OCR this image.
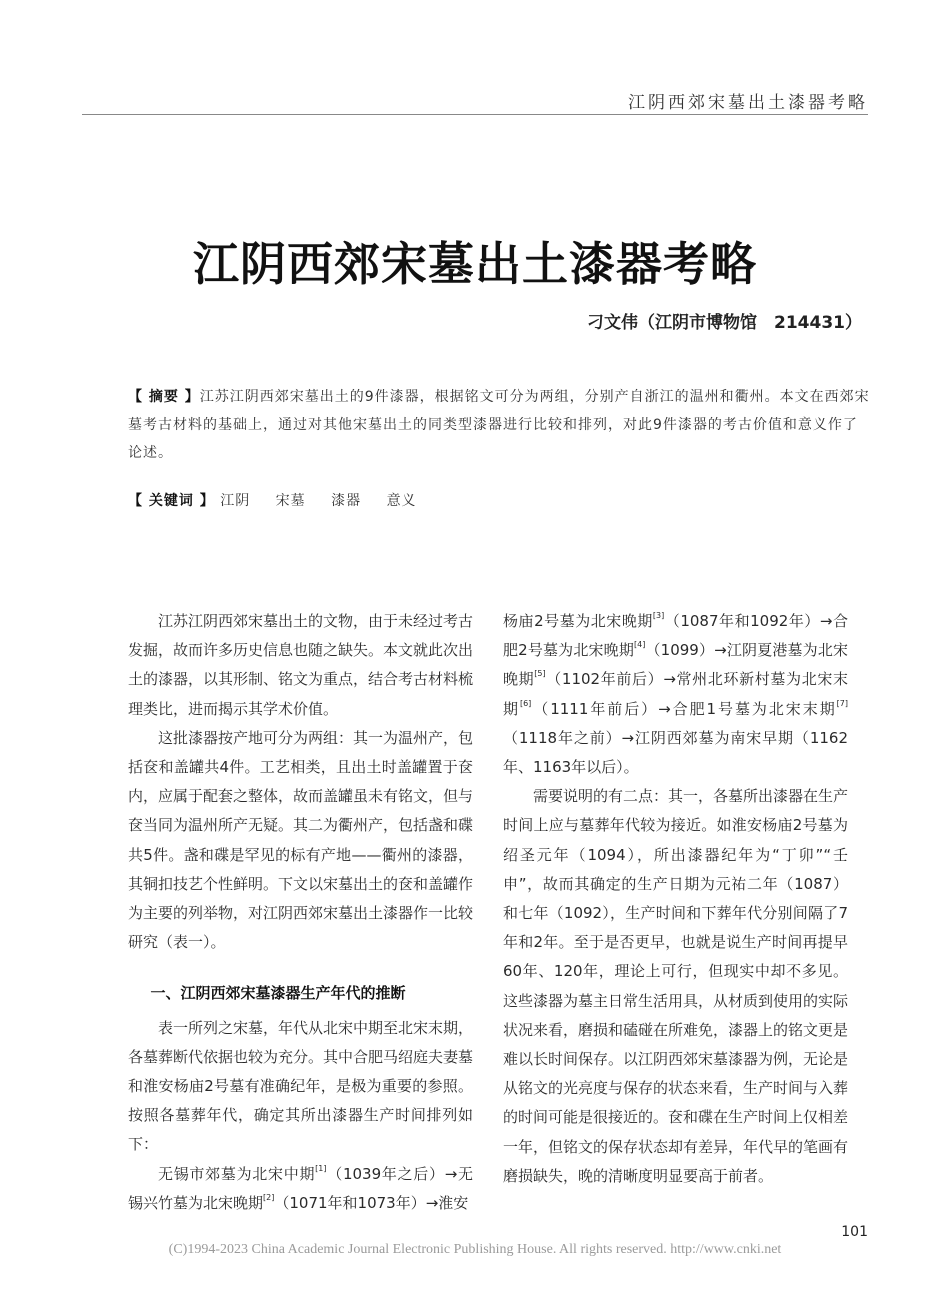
江阴西郊宋墓出土漆器考略
江阴西郊宋墓出土漆器考略
刁文伟（江阴市博物馆　214431）
【 摘要 】江苏江阴西郊宋墓出土的9件漆器，根据铭文可分为两组，分别产自浙江的温州和衢州。本文在西郊宋墓考古材料的基础上，通过对其他宋墓出土的同类型漆器进行比较和排列，对此9件漆器的考古价值和意义作了论述。
【 关键词 】 江阴 宋墓 漆器 意义

江苏江阴西郊宋墓出土的文物，由于未经过考古发掘，故而许多历史信息也随之缺失。本文就此次出土的漆器，以其形制、铭文为重点，结合考古材料梳理类比，进而揭示其学术价值。

这批漆器按产地可分为两组：其一为温州产，包括奁和盖罐共4件。工艺相类，且出土时盖罐置于奁内，应属于配套之整体，故而盖罐虽未有铭文，但与奁当同为温州所产无疑。其二为衢州产，包括盏和碟共5件。盏和碟是罕见的标有产地——衢州的漆器，其铜扣技艺个性鲜明。下文以宋墓出土的奁和盖罐作为主要的列举物，对江阴西郊宋墓出土漆器作一比较研究（表一）。

一、江阴西郊宋墓漆器生产年代的推断

表一所列之宋墓，年代从北宋中期至北宋末期，各墓葬断代依据也较为充分。其中合肥马绍庭夫妻墓和淮安杨庙2号墓有准确纪年，是极为重要的参照。按照各墓葬年代，确定其所出漆器生产时间排列如下：

无锡市郊墓为北宋中期[1]（1039年之后）→无锡兴竹墓为北宋晚期[2]（1071年和1073年）→淮安

杨庙2号墓为北宋晚期[3]（1087年和1092年）→合肥2号墓为北宋晚期[4]（1099）→江阴夏港墓为北宋晚期[5]（1102年前后）→常州北环新村墓为北宋末期[6]（1111年前后）→合肥1号墓为北宋末期[7]（1118年之前）→江阴西郊墓为南宋早期（1162年、1163年以后）。

需要说明的有二点：其一，各墓所出漆器在生产时间上应与墓葬年代较为接近。如淮安杨庙2号墓为绍圣元年（1094），所出漆器纪年为“丁卯”“壬申”，故而其确定的生产日期为元祐二年（1087）和七年（1092），生产时间和下葬年代分别间隔了7年和2年。至于是否更早，也就是说生产时间再提早60年、120年，理论上可行，但现实中却不多见。这些漆器为墓主日常生活用具，从材质到使用的实际状况来看，磨损和磕碰在所难免，漆器上的铭文更是难以长时间保存。以江阴西郊宋墓漆器为例，无论是从铭文的光亮度与保存的状态来看，生产时间与入葬的时间可能是很接近的。奁和碟在生产时间上仅相差一年，但铭文的保存状态却有差异，年代早的笔画有磨损缺失，晚的清晰度明显要高于前者。

101
(C)1994-2023 China Academic Journal Electronic Publishing House. All rights reserved. http://www.cnki.net
